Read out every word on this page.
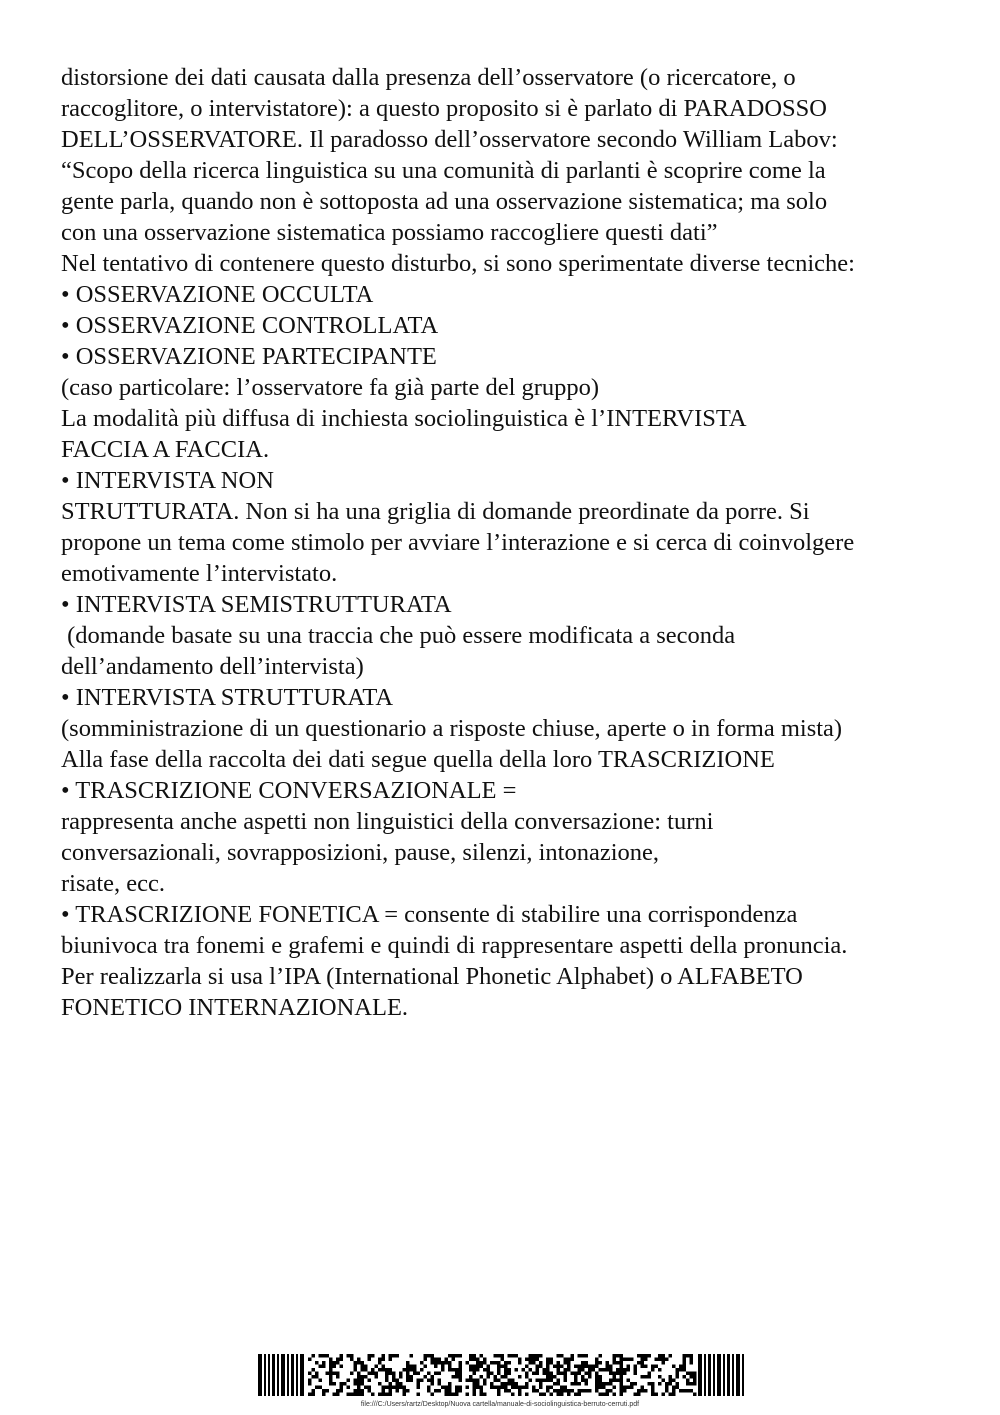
distorsione dei dati causata dalla presenza dell’osservatore (o ricercatore, o
raccoglitore, o intervistatore): a questo proposito si è parlato di PARADOSSO
DELL’OSSERVATORE. Il paradosso dell’osservatore secondo William Labov:
“Scopo della ricerca linguistica su una comunità di parlanti è scoprire come la
gente parla, quando non è sottoposta ad una osservazione sistematica; ma solo
con una osservazione sistematica possiamo raccogliere questi dati”
Nel tentativo di contenere questo disturbo, si sono sperimentate diverse tecniche:
• OSSERVAZIONE OCCULTA
• OSSERVAZIONE CONTROLLATA
• OSSERVAZIONE PARTECIPANTE
(caso particolare: l’osservatore fa già parte del gruppo)
La modalità più diffusa di inchiesta sociolinguistica è l’INTERVISTA
FACCIA A FACCIA.
• INTERVISTA NON
STRUTTURATA. Non si ha una griglia di domande preordinate da porre. Si
propone un tema come stimolo per avviare l’interazione e si cerca di coinvolgere
emotivamente l’intervistato.
• INTERVISTA SEMISTRUTTURATA
(domande basate su una traccia che può essere modificata a seconda
dell’andamento dell’intervista)
• INTERVISTA STRUTTURATA
(somministrazione di un questionario a risposte chiuse, aperte o in forma mista)
Alla fase della raccolta dei dati segue quella della loro TRASCRIZIONE
• TRASCRIZIONE CONVERSAZIONALE =
rappresenta anche aspetti non linguistici della conversazione: turni
conversazionali, sovrapposizioni, pause, silenzi, intonazione,
risate, ecc.
• TRASCRIZIONE FONETICA = consente di stabilire una corrispondenza
biunivoca tra fonemi e grafemi e quindi di rappresentare aspetti della pronuncia.
Per realizzarla si usa l’IPA (International Phonetic Alphabet) o ALFABETO
FONETICO INTERNAZIONALE.
file:///C:/Users/rartz/Desktop/Nuova cartella/manuale-di-sociolinguistica-berruto-cerruti.pdf
